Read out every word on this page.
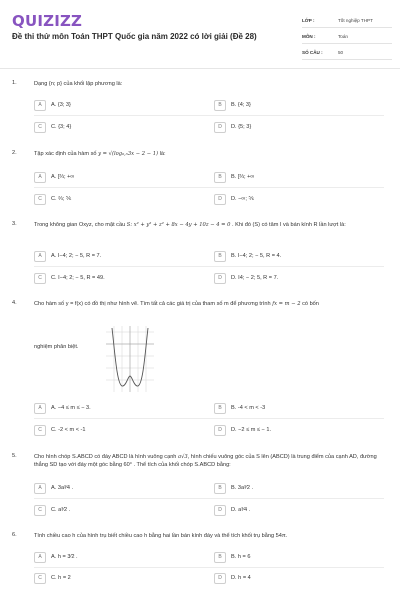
QUIZIZZ
Đề thi thử môn Toán THPT Quốc gia năm 2022 có lời giải (Đề 28)
LỚP :	Tốt nghiệp THPT
MÔN :	Toán
SỐ CÂU :	50
1.	Dạng {n; p} của khối lập phương là:
A	A. {3; 3}	B	B. {4; 3}
C	C. {3; 4}	D	D. {5; 3}
2.	Tập xác định của hàm số y = √(log₀,₅3x − 2 − 1) là:
A	A. [⅔; +∞	B	B. [⅔; +∞
C	C. ⅔; ⅚	D	D. −∞; ⅚
3.	Trong không gian Oxyz, cho mặt cầu S: x² + y² + z² + 8x − 4y + 10z − 4 = 0 . Khi đó (S) có tâm I và bán kính R lần lượt là:
A	A. I−4; 2; − 5, R = 7.	B	B. I−4; 2; − 5, R = 4.
C	C. I−4; 2; − 5, R = 49.	D	D. I4; − 2; 5, R = 7.
4.	Cho hàm số y = f(x) có đồ thị như hình vẽ. Tìm tất cả các giá trị của tham số m để phương trình fx = m − 2 có bốn
nghiệm phân biệt.
A	A. −4 ≤ m ≤ − 3.	B	B. -4 < m < -3
C	C. -2 < m < -1	D	D. −2 ≤ m ≤ − 1.
5.	Cho hình chóp S.ABCD có đáy ABCD là hình vuông cạnh a√3, hình chiếu vuông góc của S lên (ABCD) là trung điểm của cạnh AD, đường thẳng SD tạo với đáy một góc bằng 60° . Thể tích của khối chóp S.ABCD bằng:
A	A. 3a³⁄4 .	B	B. 3a³⁄2 .
C	C. a³⁄2 .	D	D. a³⁄4 .
6.	Tính chiều cao h của hình trụ biết chiều cao h bằng hai lần bán kính đáy và thể tích khối trụ bằng 54π.
A	A. h = 3⁄2 .	B	B. h = 6
C	C. h = 2	D	D. h = 4
